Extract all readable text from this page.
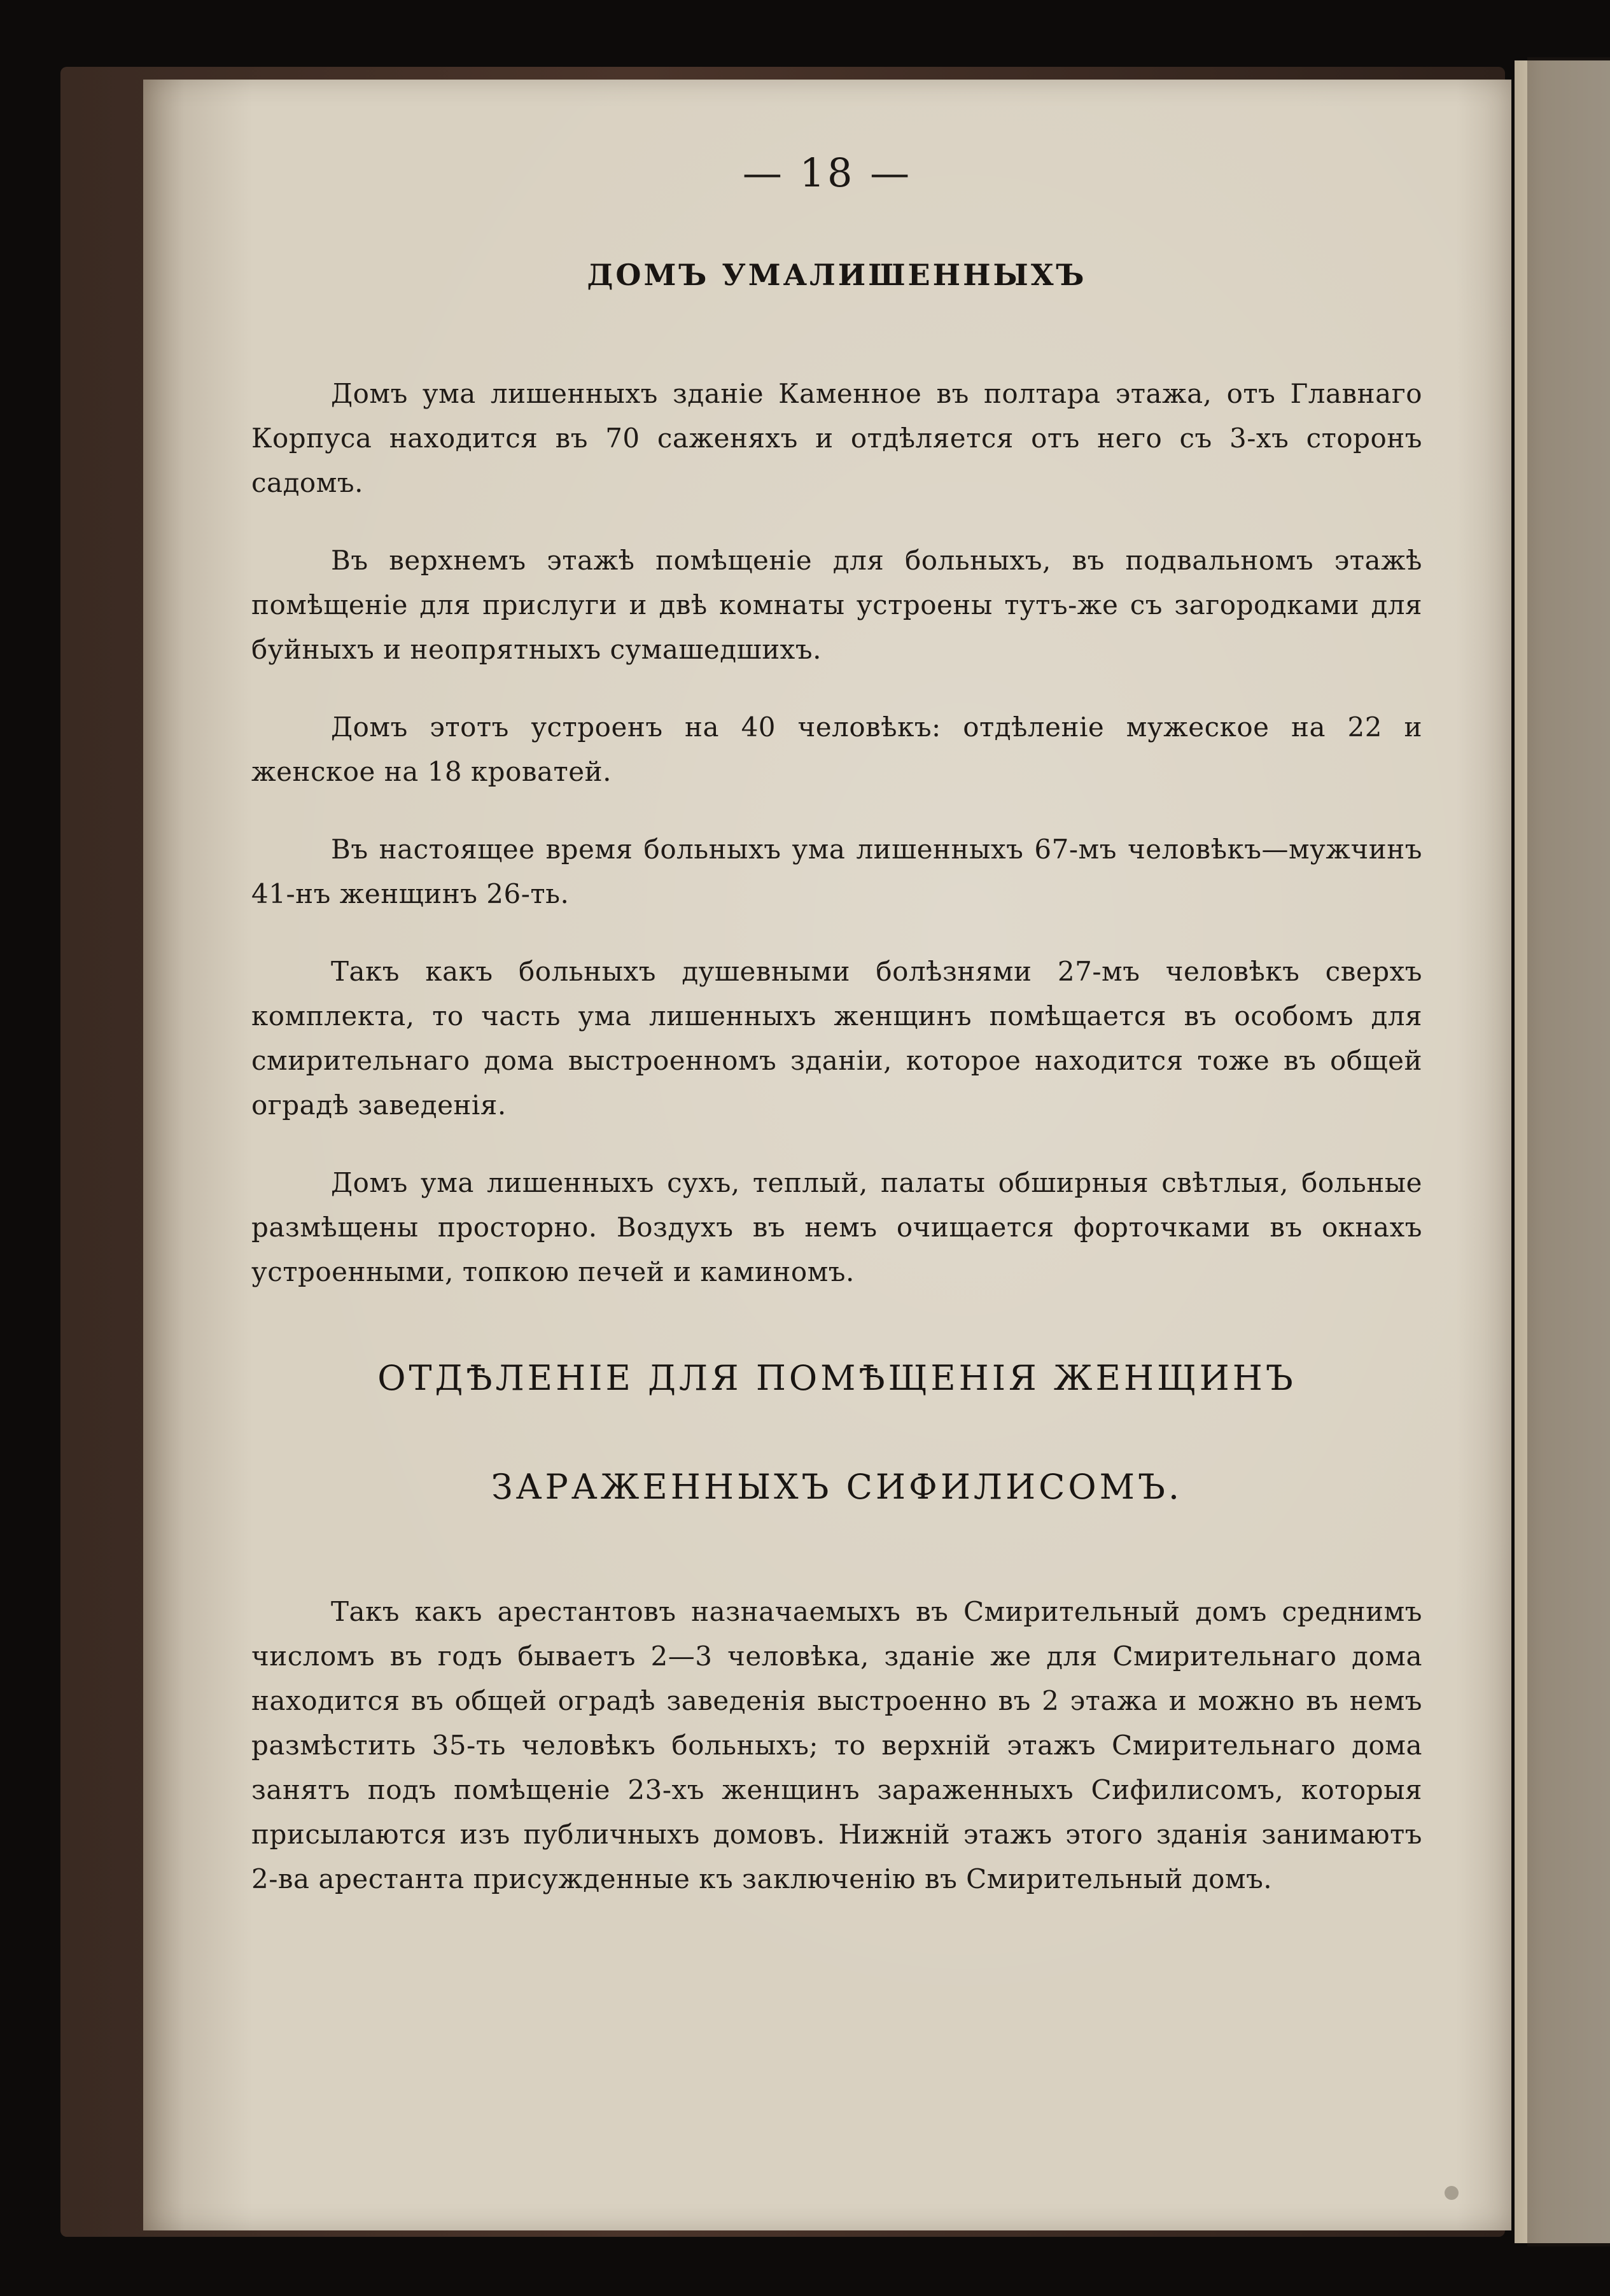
— 18 —
ДОМЪ УМАЛИШЕННЫХЪ

Домъ ума лишенныхъ зданіе Каменное въ полтара этажа, отъ Главнаго Корпуса находится въ 70 саженяхъ и отдѣляется отъ него съ 3-хъ сторонъ садомъ.

Въ верхнемъ этажѣ помѣщеніе для больныхъ, въ подвальномъ этажѣ помѣщеніе для прислуги и двѣ комнаты устроены тутъ-же съ загородками для буйныхъ и неопрятныхъ сумашедшихъ.

Домъ этотъ устроенъ на 40 человѣкъ: отдѣленіе мужеское на 22 и женское на 18 кроватей.

Въ настоящее время больныхъ ума лишенныхъ 67-мъ человѣкъ—мужчинъ 41-нъ женщинъ 26-ть.

Такъ какъ больныхъ душевными болѣзнями 27-мъ человѣкъ сверхъ комплекта, то часть ума лишенныхъ женщинъ помѣщается въ особомъ для смирительнаго дома выстроенномъ зданіи, которое находится тоже въ общей оградѣ заведенія.

Домъ ума лишенныхъ сухъ, теплый, палаты обширныя свѣтлыя, больные размѣщены просторно. Воздухъ въ немъ очищается форточками въ окнахъ устроенными, топкою печей и каминомъ.

ОТДѢЛЕНІЕ ДЛЯ ПОМѢЩЕНІЯ ЖЕНЩИНЪ
ЗАРАЖЕННЫХЪ СИФИЛИСОМЪ.

Такъ какъ арестантовъ назначаемыхъ въ Смирительный домъ среднимъ числомъ въ годъ бываетъ 2—3 человѣка, зданіе же для Смирительнаго дома находится въ общей оградѣ заведенія выстроенно въ 2 этажа и можно въ немъ размѣстить 35-ть человѣкъ больныхъ; то верхній этажъ Смирительнаго дома занятъ подъ помѣщеніе 23-хъ женщинъ зараженныхъ Сифилисомъ, которыя присылаются изъ публичныхъ домовъ. Нижній этажъ этого зданія занимаютъ 2-ва арестанта присужденные къ заключенію въ Смирительный домъ.
